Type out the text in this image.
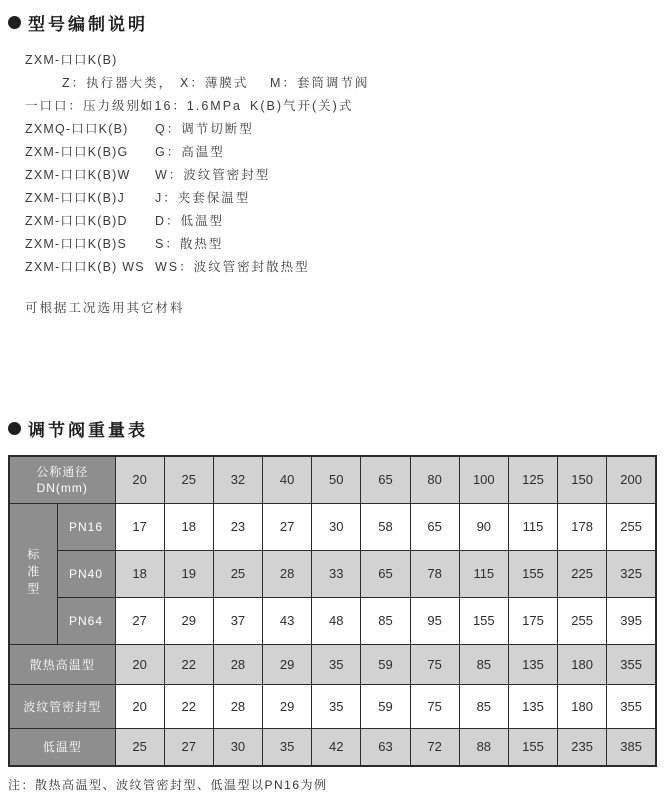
型号编制说明
ZXM-口口K(B)
Z：执行器大类， X：薄膜式	M：套筒调节阀
一口口：压力级别：
如16：1.6MPa K(B)气开(关)式
ZXMQ-口口K(B)	Q：调节切断型
ZXM-口口K(B)G	G：高温型
ZXM-口口K(B)W	W：波纹管密封型
ZXM-口口K(B)J	J：夹套保温型
ZXM-口口K(B)D	D：低温型
ZXM-口口K(B)S	S：散热型
ZXM-口口K(B) WS WS：波纹管密封散热型
可根据工况选用其它材料
调节阀重量表
公称通径
DN(mm)		20	25	32	40	50	65	80	100	125	150	200
标准型	PN16	17	18	23	27	30	58	65	90	115	178	255
	PN40	18	19	25	28	33	65	78	115	155	225	325
	PN64	27	29	37	43	48	85	95	155	175	255	395
散热高温型		20	22	28	29	35	59	75	85	135	180	355
波纹管密封型		20	22	28	29	35	59	75	85	135	180	355
低温型		25	27	30	35	42	63	72	88	155	235	385
注：散热高温型、波纹管密封型、低温型以PN16为例
